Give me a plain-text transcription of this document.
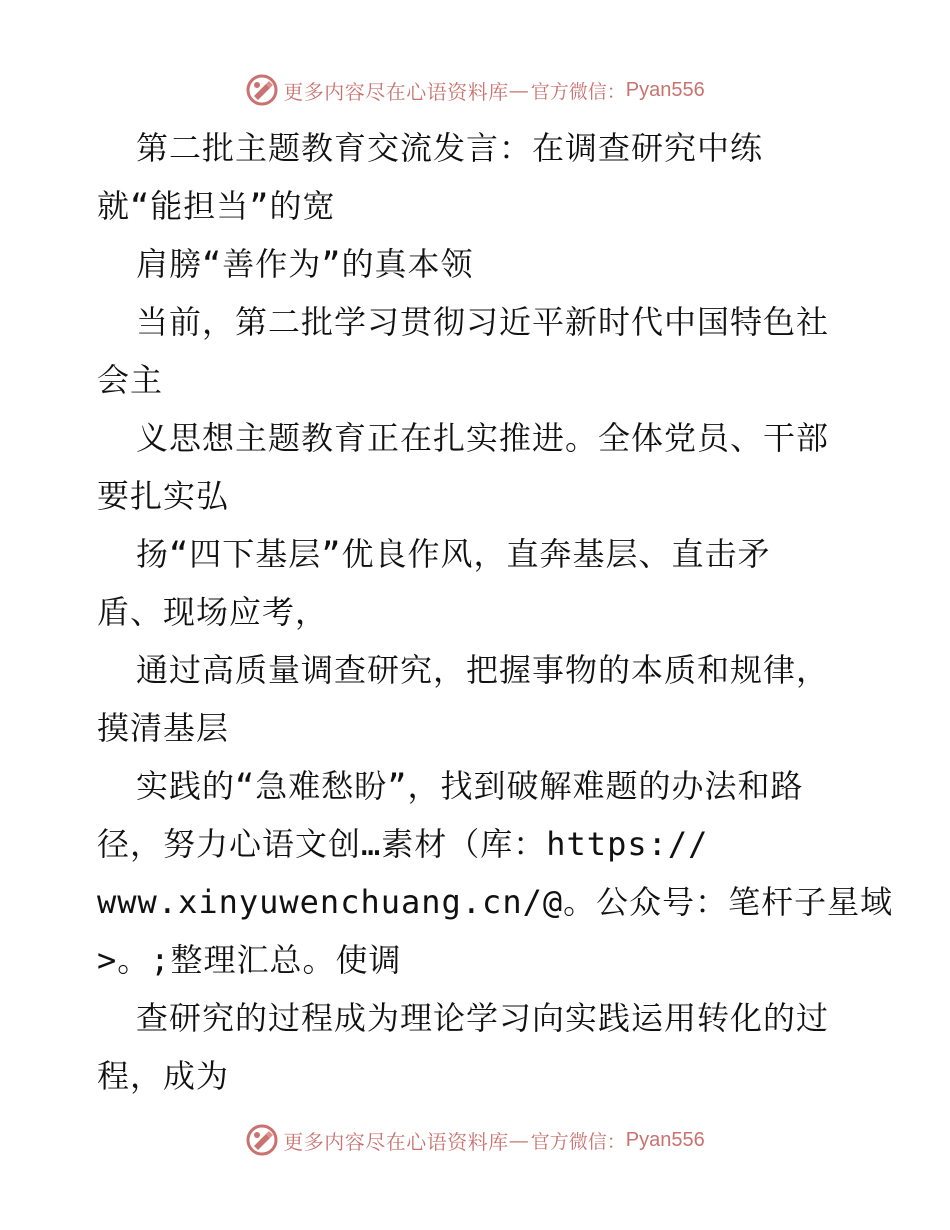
更多内容尽在心语资料库 — 官方微信： Pyan556
第二批主题教育交流发言：在调查研究中练
就“能担当”的宽
肩膀“善作为”的真本领
当前，第二批学习贯彻习近平新时代中国特色社
会主
义思想主题教育正在扎实推进。全体党员、干部
要扎实弘
扬“四下基层”优良作风，直奔基层、直击矛
盾、现场应考，
通过高质量调查研究，把握事物的本质和规律，
摸清基层
实践的“急难愁盼”，找到破解难题的办法和路
径，努力心语文创…素材（库：https://
www.xinyuwenchuang.cn/@。公众号：笔杆子星域
>。;整理汇总。使调
查研究的过程成为理论学习向实践运用转化的过
程，成为
更多内容尽在心语资料库 — 官方微信： Pyan556
